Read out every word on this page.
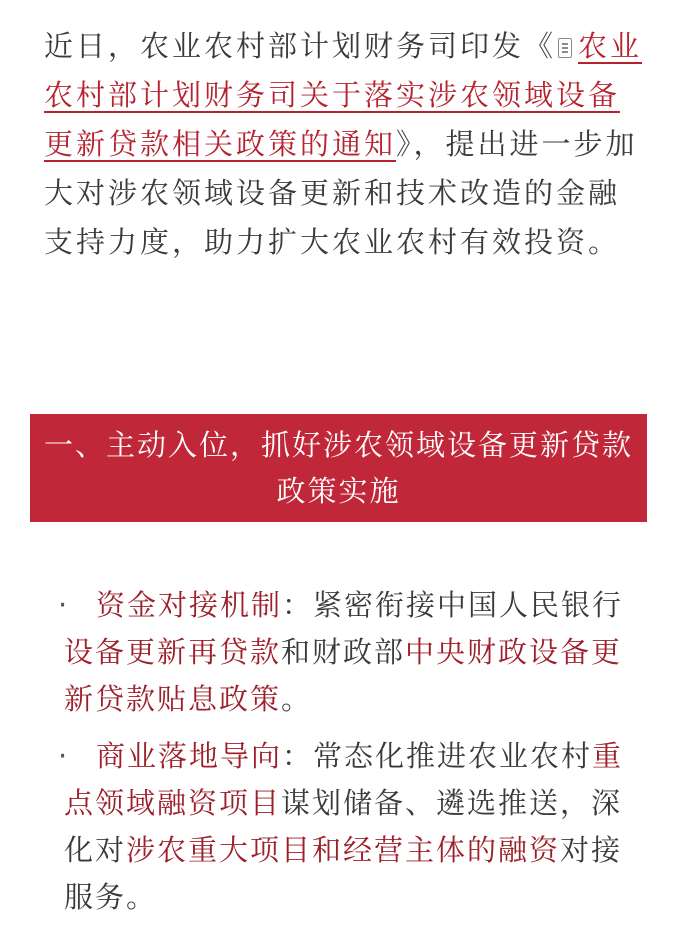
近日，农业农村部计划财务司印发《 农业农村部计划财务司关于落实涉农领域设备更新贷款相关政策的通知》，提出进一步加大对涉农领域设备更新和技术改造的金融支持力度，助力扩大农业农村有效投资。
一、主动入位，抓好涉农领域设备更新贷款
政策实施
· 资金对接机制：紧密衔接中国人民银行设备更新再贷款和财政部中央财政设备更新贷款贴息政策。
· 商业落地导向：常态化推进农业农村重点领域融资项目谋划储备、遴选推送，深化对涉农重大项目和经营主体的融资对接服务。
